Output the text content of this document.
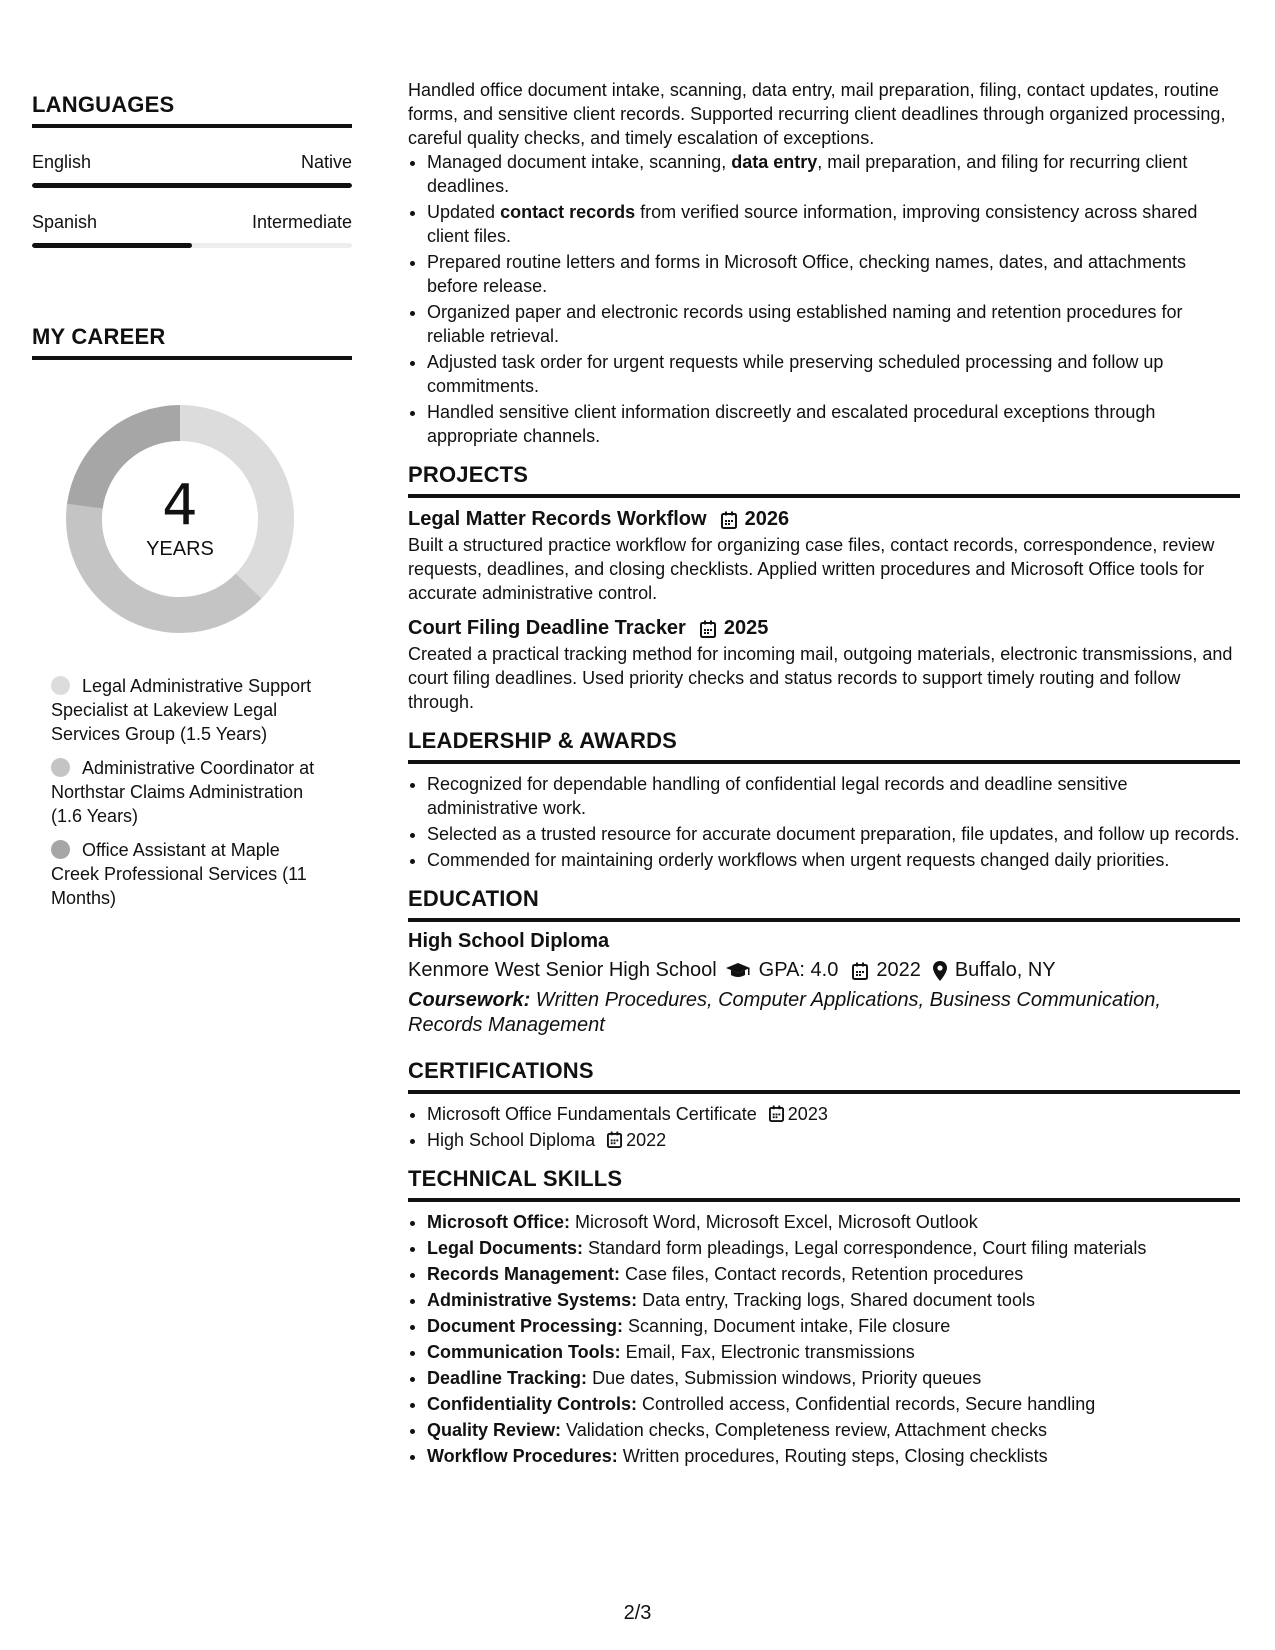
LANGUAGES
English	Native
Spanish	Intermediate
MY CAREER
4
YEARS
Legal Administrative Support Specialist at Lakeview Legal Services Group (1.5 Years)
Administrative Coordinator at Northstar Claims Administration (1.6 Years)
Office Assistant at Maple Creek Professional Services (11 Months)
Handled office document intake, scanning, data entry, mail preparation, filing, contact updates, routine forms, and sensitive client records. Supported recurring client deadlines through organized processing, careful quality checks, and timely escalation of exceptions.
• Managed document intake, scanning, data entry, mail preparation, and filing for recurring client deadlines.
• Updated contact records from verified source information, improving consistency across shared client files.
• Prepared routine letters and forms in Microsoft Office, checking names, dates, and attachments before release.
• Organized paper and electronic records using established naming and retention procedures for reliable retrieval.
• Adjusted task order for urgent requests while preserving scheduled processing and follow up commitments.
• Handled sensitive client information discreetly and escalated procedural exceptions through appropriate channels.
PROJECTS
Legal Matter Records Workflow 2026
Built a structured practice workflow for organizing case files, contact records, correspondence, review requests, deadlines, and closing checklists. Applied written procedures and Microsoft Office tools for accurate administrative control.
Court Filing Deadline Tracker 2025
Created a practical tracking method for incoming mail, outgoing materials, electronic transmissions, and court filing deadlines. Used priority checks and status records to support timely routing and follow through.
LEADERSHIP & AWARDS
• Recognized for dependable handling of confidential legal records and deadline sensitive administrative work.
• Selected as a trusted resource for accurate document preparation, file updates, and follow up records.
• Commended for maintaining orderly workflows when urgent requests changed daily priorities.
EDUCATION
High School Diploma
Kenmore West Senior High School GPA: 4.0 2022 Buffalo, NY
Coursework: Written Procedures, Computer Applications, Business Communication, Records Management
CERTIFICATIONS
• Microsoft Office Fundamentals Certificate 2023
• High School Diploma 2022
TECHNICAL SKILLS
• Microsoft Office: Microsoft Word, Microsoft Excel, Microsoft Outlook
• Legal Documents: Standard form pleadings, Legal correspondence, Court filing materials
• Records Management: Case files, Contact records, Retention procedures
• Administrative Systems: Data entry, Tracking logs, Shared document tools
• Document Processing: Scanning, Document intake, File closure
• Communication Tools: Email, Fax, Electronic transmissions
• Deadline Tracking: Due dates, Submission windows, Priority queues
• Confidentiality Controls: Controlled access, Confidential records, Secure handling
• Quality Review: Validation checks, Completeness review, Attachment checks
• Workflow Procedures: Written procedures, Routing steps, Closing checklists
2/3
